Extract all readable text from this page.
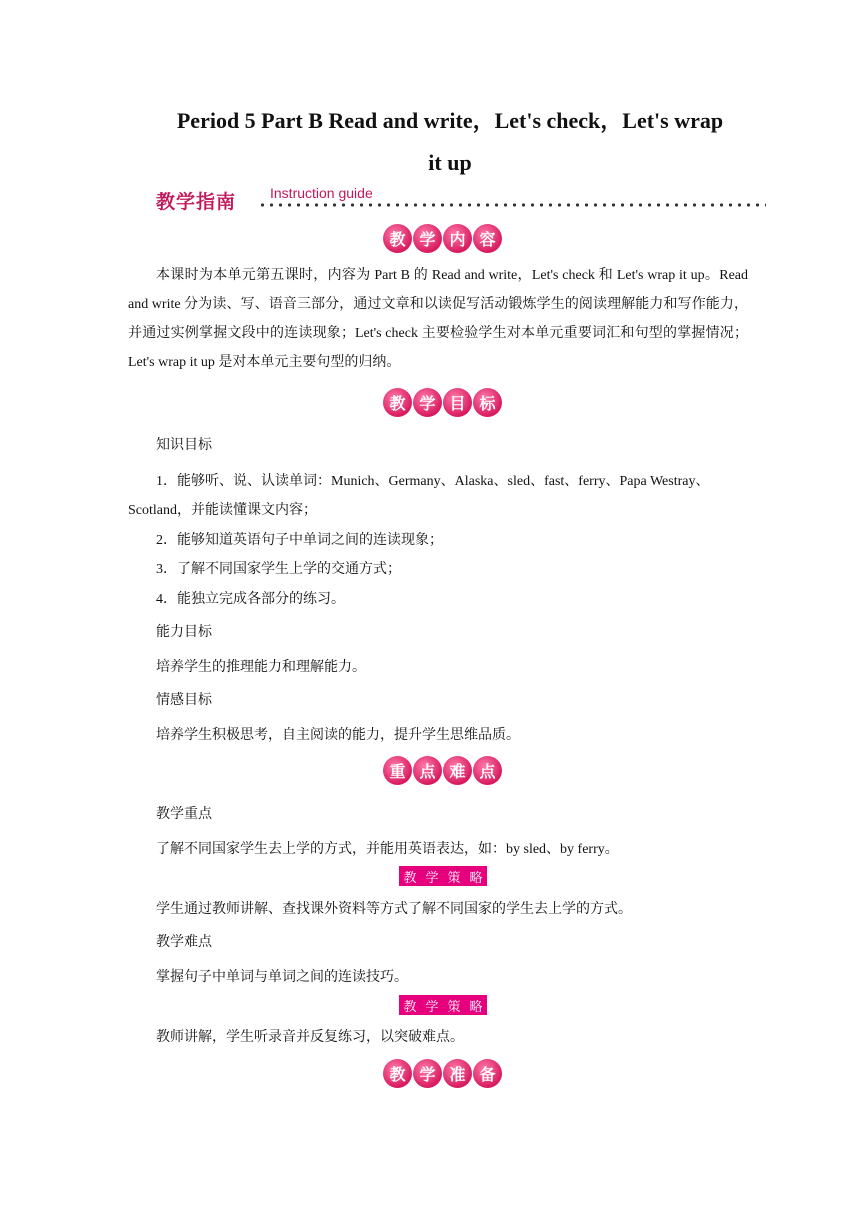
Period 5 Part B Read and write，Let's check，Let's wrap
it up
教学指南 Instruction guide
教 学 内 容
本课时为本单元第五课时，内容为 Part B 的 Read and write，Let's check 和 Let's wrap it up。Read and write 分为读、写、语音三部分，通过文章和以读促写活动锻炼学生的阅读理解能力和写作能力，并通过实例掌握文段中的连读现象；Let's check 主要检验学生对本单元重要词汇和句型的掌握情况；Let's wrap it up 是对本单元主要句型的归纳。
教 学 目 标
知识目标
1．能够听、说、认读单词：Munich、Germany、Alaska、sled、fast、ferry、Papa Westray、
Scotland，并能读懂课文内容；
2．能够知道英语句子中单词之间的连读现象；
3．了解不同国家学生上学的交通方式；
4．能独立完成各部分的练习。
能力目标
培养学生的推理能力和理解能力。
情感目标
培养学生积极思考，自主阅读的能力，提升学生思维品质。
重 点 难 点
教学重点
了解不同国家学生去上学的方式，并能用英语表达，如：by sled、by ferry。
教 学 策 略
学生通过教师讲解、查找课外资料等方式了解不同国家的学生去上学的方式。
教学难点
掌握句子中单词与单词之间的连读技巧。
教 学 策 略
教师讲解，学生听录音并反复练习，以突破难点。
教 学 准 备
